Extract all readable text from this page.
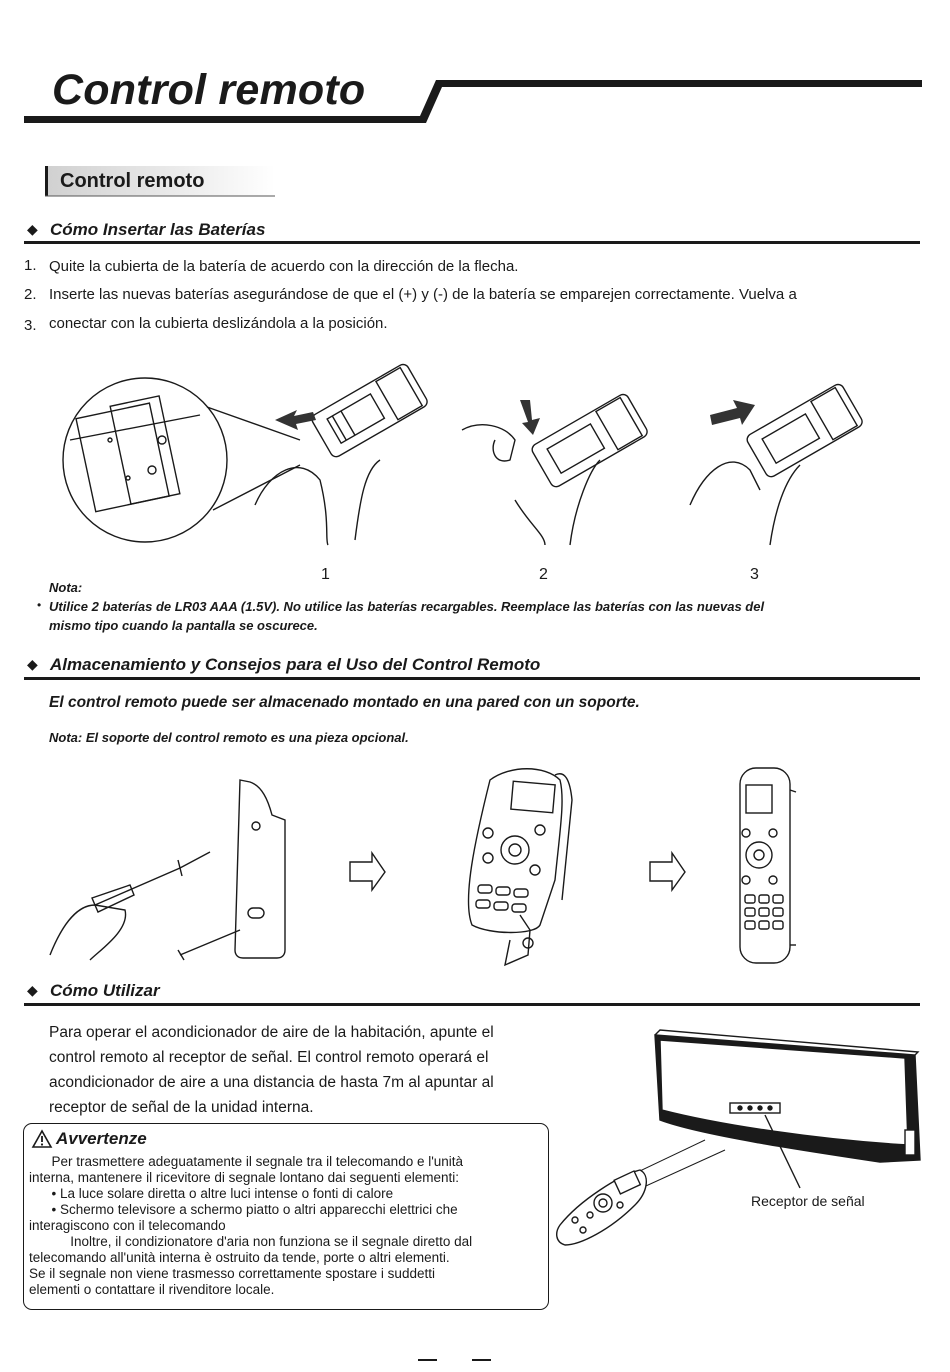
Control remoto
Control remoto
◆ Cómo Insertar las Baterías
1.
2.
3.
Quite la cubierta de la batería de acuerdo con la dirección de la flecha.
Inserte las nuevas baterías asegurándose de que el (+) y (-) de la batería se emparejen correctamente. Vuelva a
conectar con la cubierta deslizándola a la posición.
1	2	3
Nota:
• Utilice 2 baterías de LR03 AAA (1.5V). No utilice las baterías recargables. Reemplace las baterías con las nuevas del
mismo tipo cuando la pantalla se oscurece.
◆ Almacenamiento y Consejos para el Uso del Control Remoto
El control remoto puede ser almacenado montado en una pared con un soporte.
Nota: El soporte del control remoto es una pieza opcional.
◆ Cómo Utilizar
Para operar el acondicionador de aire de la habitación, apunte el
control remoto al receptor de señal. El control remoto operará el
acondicionador de aire a una distancia de hasta 7m al apuntar al
receptor de señal de la unidad interna.
Receptor de señal
Avvertenze
Per trasmettere adeguatamente il segnale tra il telecomando e l'unità
interna, mantenere il ricevitore di segnale lontano dai seguenti elementi:
• La luce solare diretta o altre luci intense o fonti di calore
• Schermo televisore a schermo piatto o altri apparecchi elettrici che
interagiscono con il telecomando
Inoltre, il condizionatore d'aria non funziona se il segnale diretto dal
telecomando all'unità interna è ostruito da tende, porte o altri elementi.
Se il segnale non viene trasmesso correttamente spostare i suddetti
elementi o contattare il rivenditore locale.
